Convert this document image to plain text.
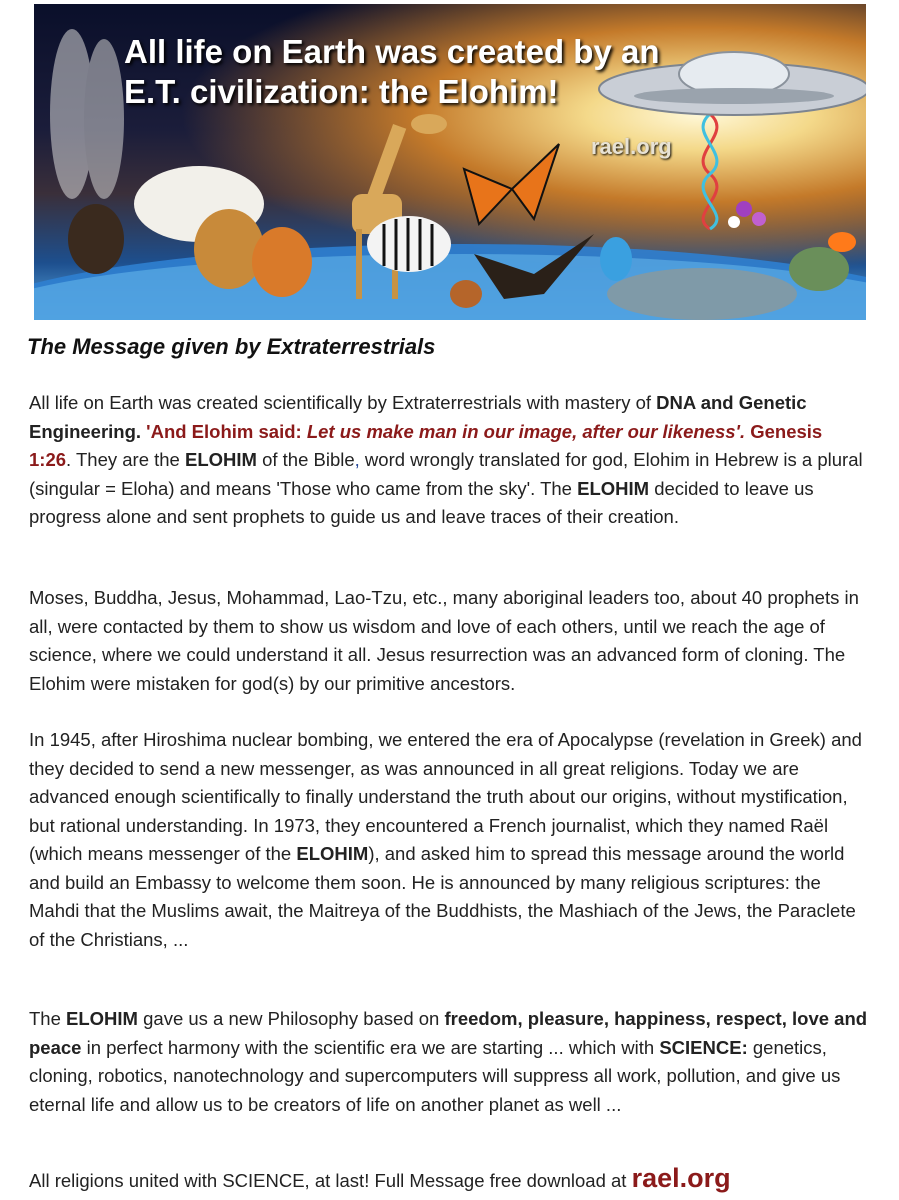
All life on Earth was created by an
E.T. civilization: the Elohim!
rael.org
The Message given by Extraterrestrials

All life on Earth was created scientifically by Extraterrestrials with mastery of DNA and Genetic Engineering. 'And Elohim said: Let us make man in our image, after our likeness'. Genesis 1:26. They are the ELOHIM of the Bible, word wrongly translated for god, Elohim in Hebrew is a plural (singular = Eloha) and means 'Those who came from the sky'. The ELOHIM decided to leave us progress alone and sent prophets to guide us and leave traces of their creation.

Moses, Buddha, Jesus, Mohammad, Lao-Tzu, etc., many aboriginal leaders too, about 40 prophets in all, were contacted by them to show us wisdom and love of each others, until we reach the age of science, where we could understand it all. Jesus resurrection was an advanced form of cloning. The Elohim were mistaken for god(s) by our primitive ancestors.

In 1945, after Hiroshima nuclear bombing, we entered the era of Apocalypse (revelation in Greek) and they decided to send a new messenger, as was announced in all great religions. Today we are advanced enough scientifically to finally understand the truth about our origins, without mystification, but rational understanding. In 1973, they encountered a French journalist, which they named Raël (which means messenger of the ELOHIM), and asked him to spread this message around the world and build an Embassy to welcome them soon. He is announced by many religious scriptures: the Mahdi that the Muslims await, the Maitreya of the Buddhists, the Mashiach of the Jews, the Paraclete of the Christians, ...

The ELOHIM gave us a new Philosophy based on freedom, pleasure, happiness, respect, love and peace in perfect harmony with the scientific era we are starting ... which with SCIENCE: genetics, cloning, robotics, nanotechnology and supercomputers will suppress all work, pollution, and give us eternal life and allow us to be creators of life on another planet as well ...

All religions united with SCIENCE, at last! Full Message free download at rael.org
